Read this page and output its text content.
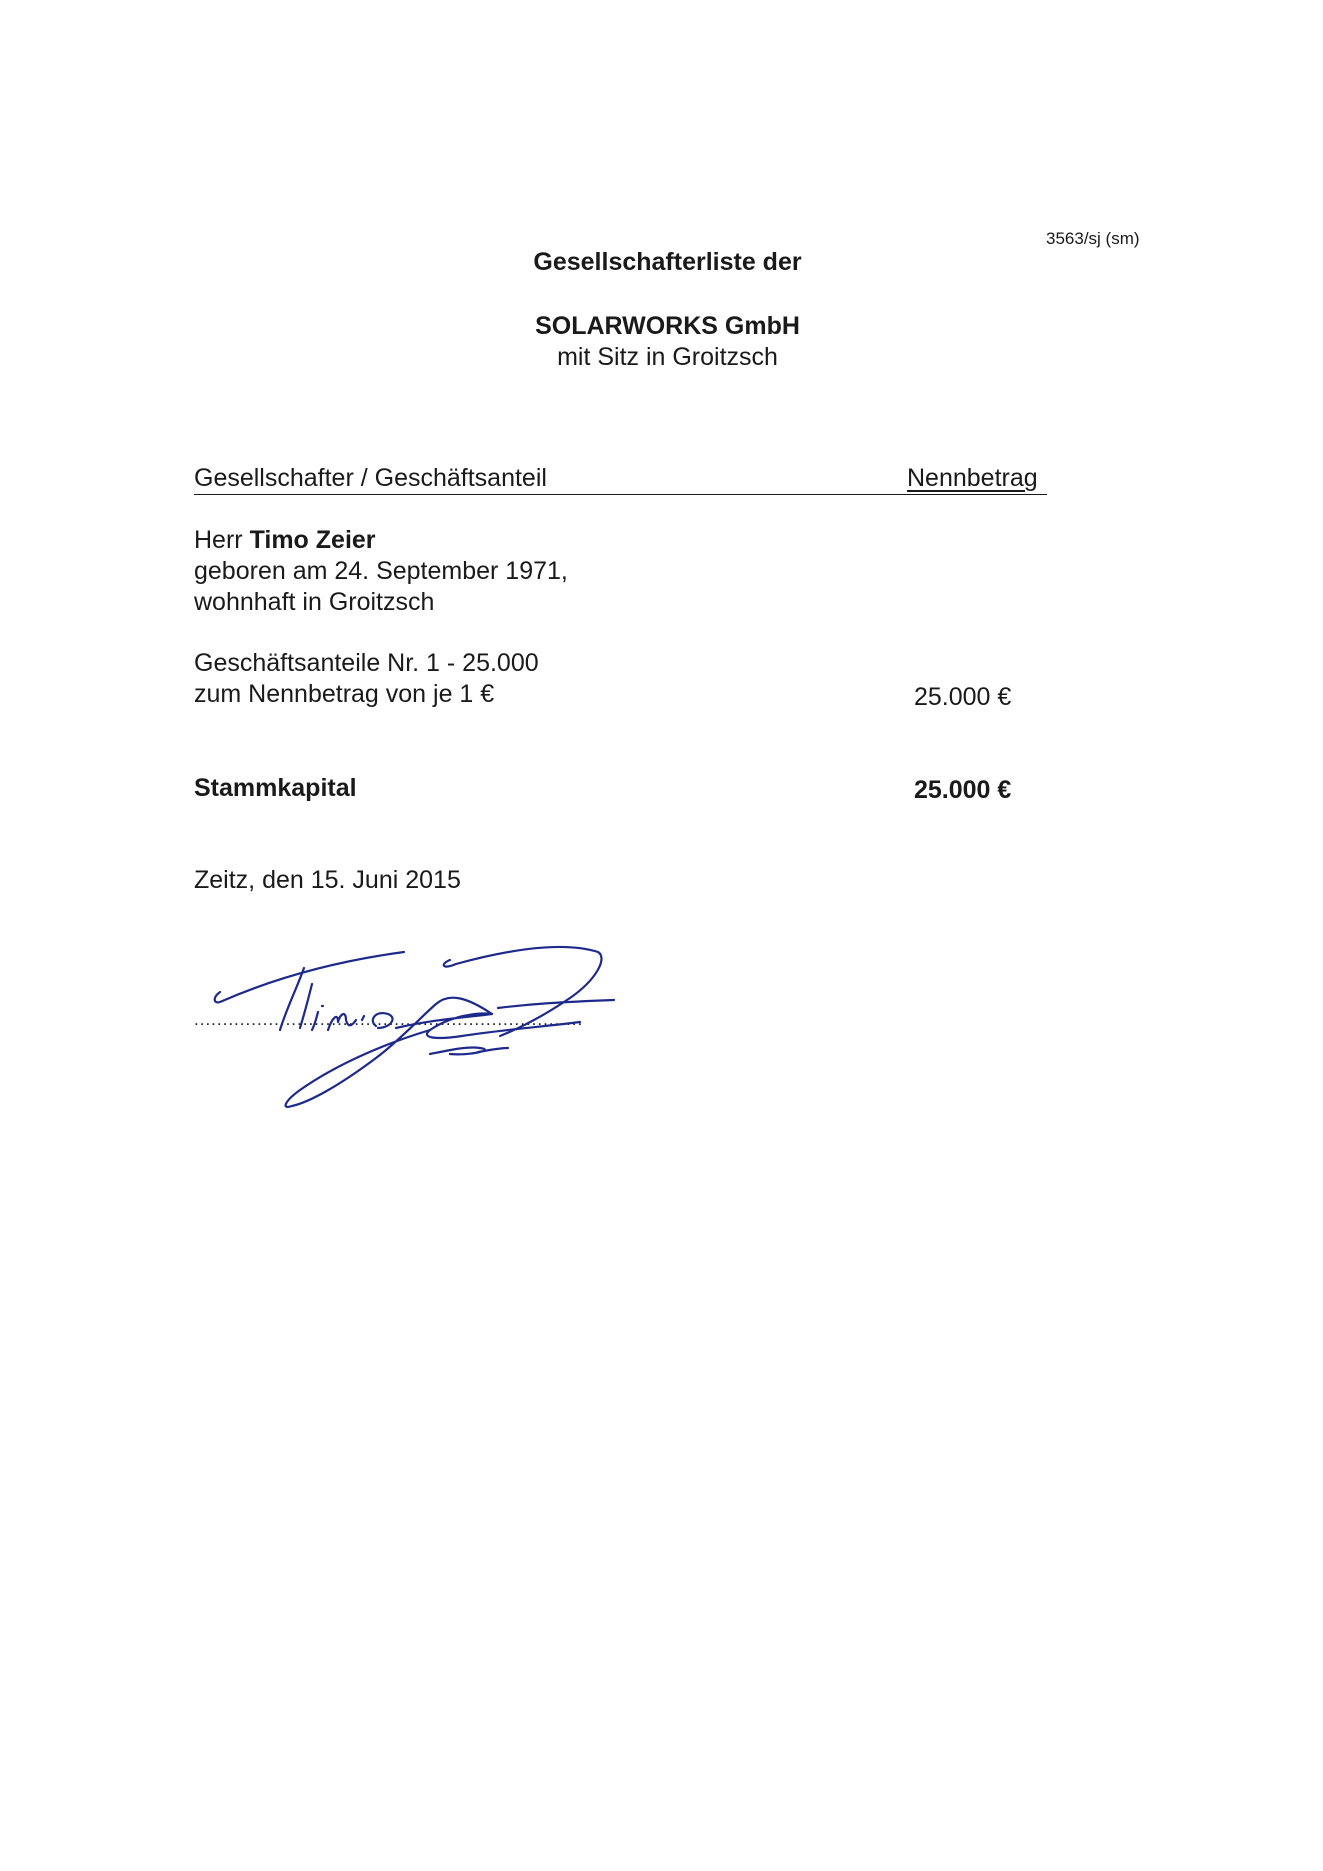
3563/sj (sm)
Gesellschafterliste der
SOLARWORKS GmbH
mit Sitz in Groitzsch
Gesellschafter / Geschäftsanteil	Nennbetrag
Herr Timo Zeier
geboren am 24. September 1971,
wohnhaft in Groitzsch
Geschäftsanteile Nr. 1 - 25.000
zum Nennbetrag von je 1 €	25.000 €
Stammkapital	25.000 €
Zeitz, den 15. Juni 2015
....................................................................
